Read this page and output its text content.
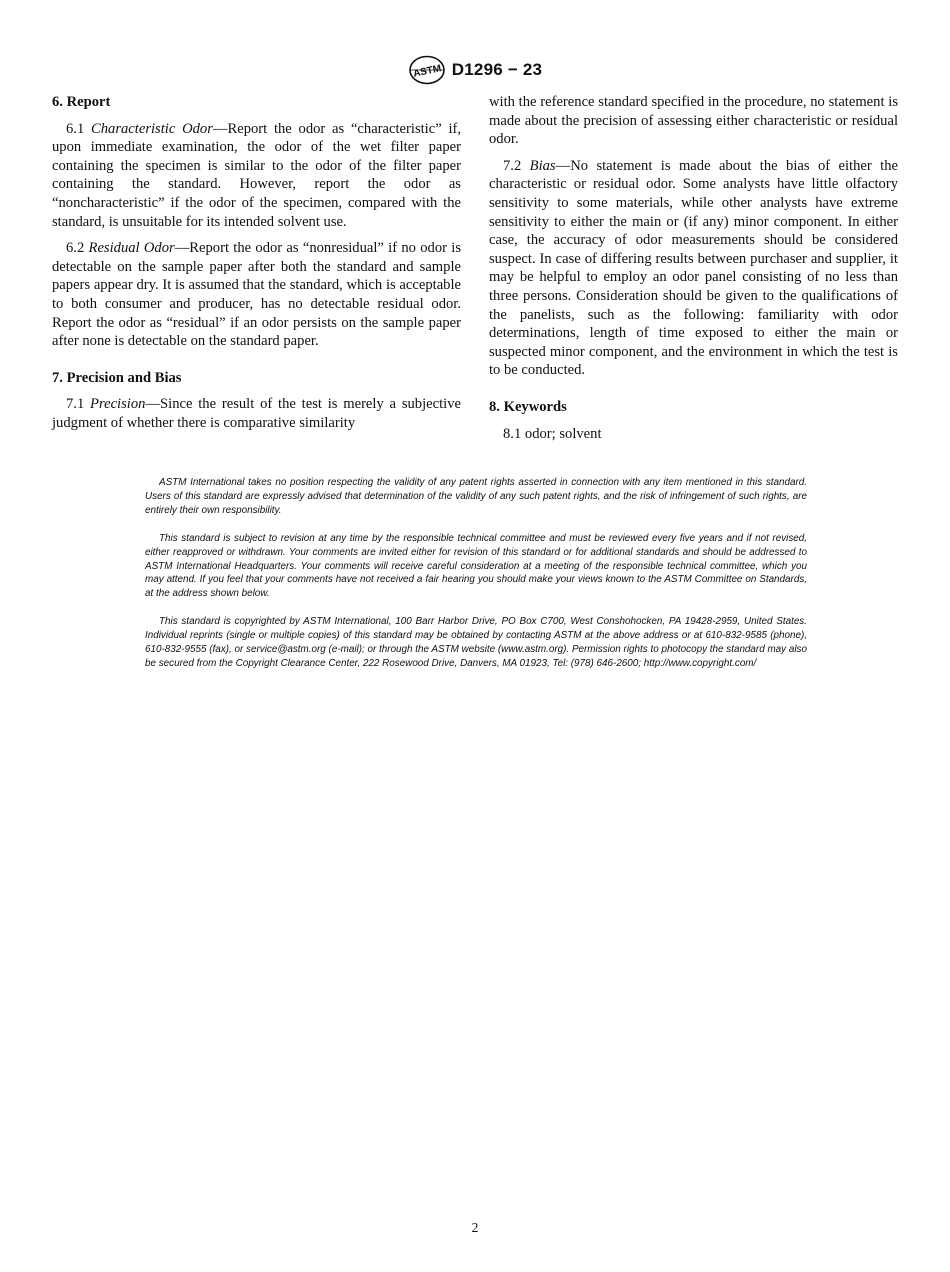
ASTM D1296 − 23
6. Report

6.1 Characteristic Odor—Report the odor as “characteristic” if, upon immediate examination, the odor of the wet filter paper containing the specimen is similar to the odor of the filter paper containing the standard. However, report the odor as “noncharacteristic” if the odor of the specimen, compared with the standard, is unsuitable for its intended solvent use.

6.2 Residual Odor—Report the odor as “nonresidual” if no odor is detectable on the sample paper after both the standard and sample papers appear dry. It is assumed that the standard, which is acceptable to both consumer and producer, has no detectable residual odor. Report the odor as “residual” if an odor persists on the sample paper after none is detectable on the standard paper.

7. Precision and Bias

7.1 Precision—Since the result of the test is merely a subjective judgment of whether there is comparative similarity

with the reference standard specified in the procedure, no statement is made about the precision of assessing either characteristic or residual odor.

7.2 Bias—No statement is made about the bias of either the characteristic or residual odor. Some analysts have little olfactory sensitivity to some materials, while other analysts have extreme sensitivity to either the main or (if any) minor component. In either case, the accuracy of odor measurements should be considered suspect. In case of differing results between purchaser and supplier, it may be helpful to employ an odor panel consisting of no less than three persons. Consideration should be given to the qualifications of the panelists, such as the following: familiarity with odor determinations, length of time exposed to either the main or suspected minor component, and the environment in which the test is to be conducted.

8. Keywords

8.1 odor; solvent

ASTM International takes no position respecting the validity of any patent rights asserted in connection with any item mentioned in this standard. Users of this standard are expressly advised that determination of the validity of any such patent rights, and the risk of infringement of such rights, are entirely their own responsibility.

This standard is subject to revision at any time by the responsible technical committee and must be reviewed every five years and if not revised, either reapproved or withdrawn. Your comments are invited either for revision of this standard or for additional standards and should be addressed to ASTM International Headquarters. Your comments will receive careful consideration at a meeting of the responsible technical committee, which you may attend. If you feel that your comments have not received a fair hearing you should make your views known to the ASTM Committee on Standards, at the address shown below.

This standard is copyrighted by ASTM International, 100 Barr Harbor Drive, PO Box C700, West Conshohocken, PA 19428-2959, United States. Individual reprints (single or multiple copies) of this standard may be obtained by contacting ASTM at the above address or at 610-832-9585 (phone), 610-832-9555 (fax), or service@astm.org (e-mail); or through the ASTM website (www.astm.org). Permission rights to photocopy the standard may also be secured from the Copyright Clearance Center, 222 Rosewood Drive, Danvers, MA 01923, Tel: (978) 646-2600; http://www.copyright.com/

2
